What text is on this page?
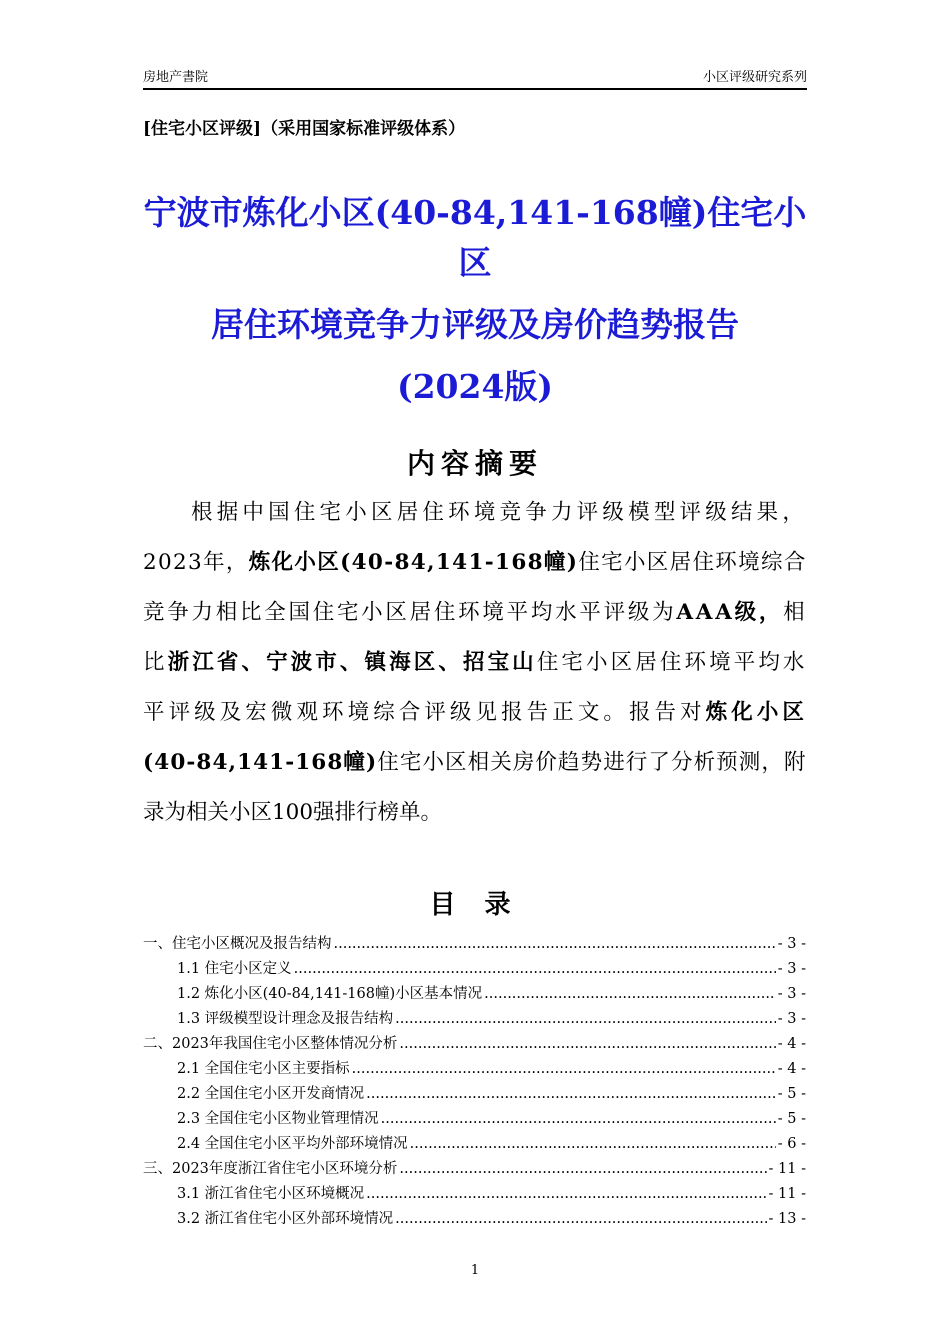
房地产書院	小区评级研究系列
[住宅小区评级]（采用国家标准评级体系）
宁波市炼化小区(40-84,141-168幢)住宅小
区
居住环境竞争力评级及房价趋势报告
(2024版)
内容摘要
根据中国住宅小区居住环境竞争力评级模型评级结果，
2023年，炼化小区(40-84,141-168幢)住宅小区居住环境综合
竞争力相比全国住宅小区居住环境平均水平评级为AAA级，相
比浙江省、宁波市、镇海区、招宝山住宅小区居住环境平均水
平评级及宏微观环境综合评级见报告正文。报告对炼化小区
(40-84,141-168幢)住宅小区相关房价趋势进行了分析预测，附
录为相关小区100强排行榜单。
目 录
一、住宅小区概况及报告结构 .....	- 3 -
1.1 住宅小区定义 .....	- 3 -
1.2 炼化小区(40-84,141-168幢)小区基本情况 .....	- 3 -
1.3 评级模型设计理念及报告结构 .....	- 3 -
二、2023年我国住宅小区整体情况分析 .....	- 4 -
2.1 全国住宅小区主要指标 .....	- 4 -
2.2 全国住宅小区开发商情况 .....	- 5 -
2.3 全国住宅小区物业管理情况 .....	- 5 -
2.4 全国住宅小区平均外部环境情况 .....	- 6 -
三、2023年度浙江省住宅小区环境分析 .....	- 11 -
3.1 浙江省住宅小区环境概况 .....	- 11 -
3.2 浙江省住宅小区外部环境情况 .....	- 13 -
1
